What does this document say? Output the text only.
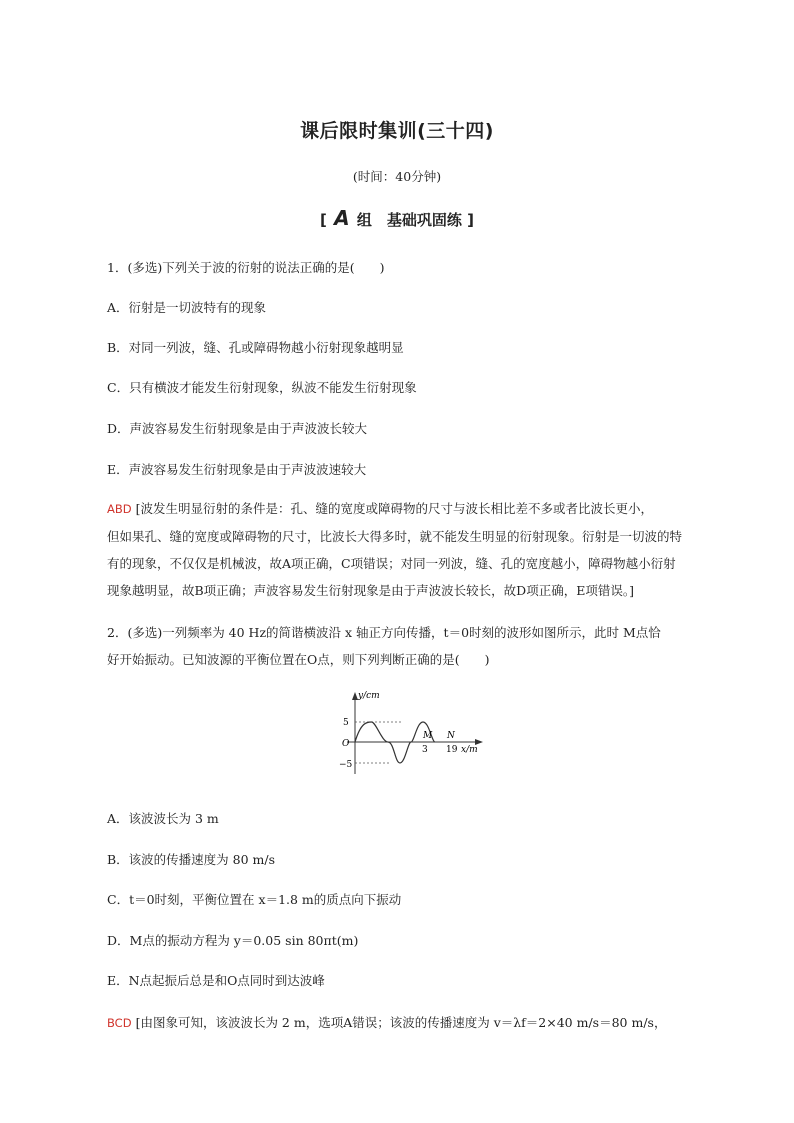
课后限时集训(三十四)
(时间：40分钟)
[ A 组　基础巩固练 ]
1．(多选)下列关于波的衍射的说法正确的是(　　)
A．衍射是一切波特有的现象
B．对同一列波，缝、孔或障碍物越小衍射现象越明显
C．只有横波才能发生衍射现象，纵波不能发生衍射现象
D．声波容易发生衍射现象是由于声波波长较大
E．声波容易发生衍射现象是由于声波波速较大
ABD [波发生明显衍射的条件是：孔、缝的宽度或障碍物的尺寸与波长相比差不多或者比波长更小，
但如果孔、缝的宽度或障碍物的尺寸，比波长大得多时，就不能发生明显的衍射现象。衍射是一切波的特
有的现象，不仅仅是机械波，故A项正确，C项错误；对同一列波，缝、孔的宽度越小，障碍物越小衍射
现象越明显，故B项正确；声波容易发生衍射现象是由于声波波长较长，故D项正确，E项错误。]
2．(多选)一列频率为 40 Hz的简谐横波沿 x 轴正方向传播，t＝0时刻的波形如图所示，此时 M点恰
好开始振动。已知波源的平衡位置在O点，则下列判断正确的是(　　)
y/cm
5
O
−5
M N
3 19 x/m
A．该波波长为 3 m
B．该波的传播速度为 80 m/s
C．t＝0时刻，平衡位置在 x＝1.8 m的质点向下振动
D．M点的振动方程为 y＝0.05 sin 80πt(m)
E．N点起振后总是和O点同时到达波峰
BCD [由图象可知，该波波长为 2 m，选项A错误；该波的传播速度为 v＝λf＝2×40 m/s＝80 m/s，
